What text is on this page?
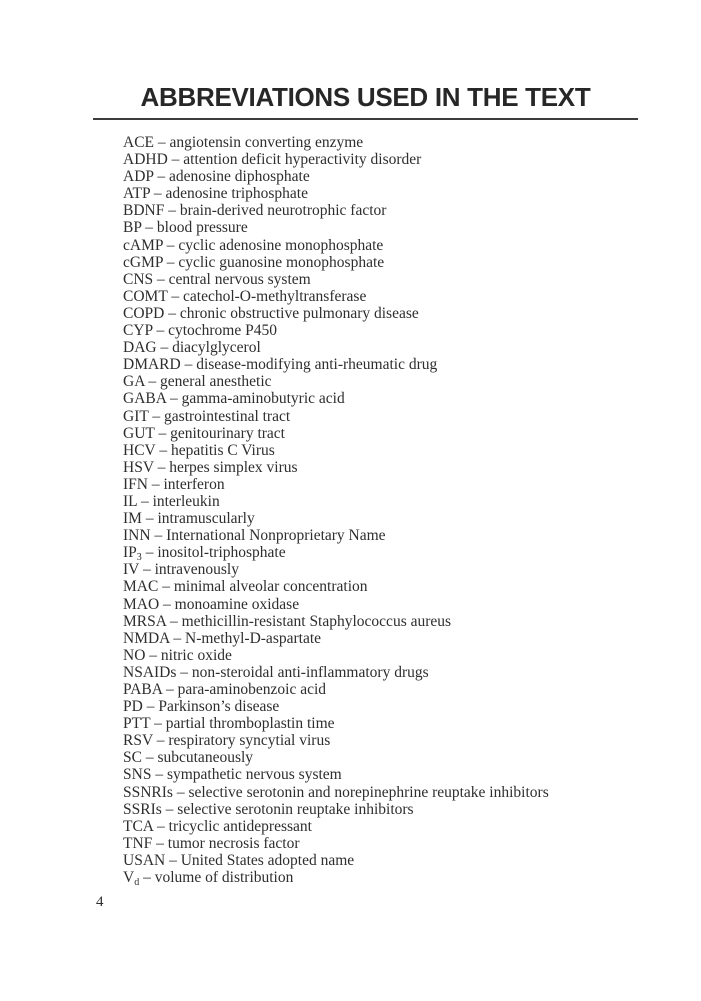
ABBREVIATIONS USED IN THE TEXT
ACE – angiotensin converting enzyme
ADHD – attention deficit hyperactivity disorder
ADP – adenosine diphosphate
ATP – adenosine triphosphate
BDNF – brain-derived neurotrophic factor
BP – blood pressure
cAMP – cyclic adenosine monophosphate
cGMP – cyclic guanosine monophosphate
CNS – central nervous system
COMT – catechol-O-methyltransferase
COPD – chronic obstructive pulmonary disease
CYP – cytochrome P450
DAG – diacylglycerol
DMARD – disease-modifying anti-rheumatic drug
GA – general anesthetic
GABA – gamma-aminobutyric acid
GIT – gastrointestinal tract
GUT – genitourinary tract
HCV – hepatitis C Virus
HSV – herpes simplex virus
IFN – interferon
IL – interleukin
IM – intramuscularly
INN – International Nonproprietary Name
$IP_3$ – inositol-triphosphate
IV – intravenously
MAC – minimal alveolar concentration
MAO – monoamine oxidase
MRSA – methicillin-resistant Staphylococcus aureus
NMDA – N-methyl-D-aspartate
NO – nitric oxide
NSAIDs – non-steroidal anti-inflammatory drugs
PABA – para-aminobenzoic acid
PD – Parkinson’s disease
PTT – partial thromboplastin time
RSV – respiratory syncytial virus
SC – subcutaneously
SNS – sympathetic nervous system
SSNRIs – selective serotonin and norepinephrine reuptake inhibitors
SSRIs – selective serotonin reuptake inhibitors
TCA – tricyclic antidepressant
TNF – tumor necrosis factor
USAN – United States adopted name
$V_d$ – volume of distribution
4
